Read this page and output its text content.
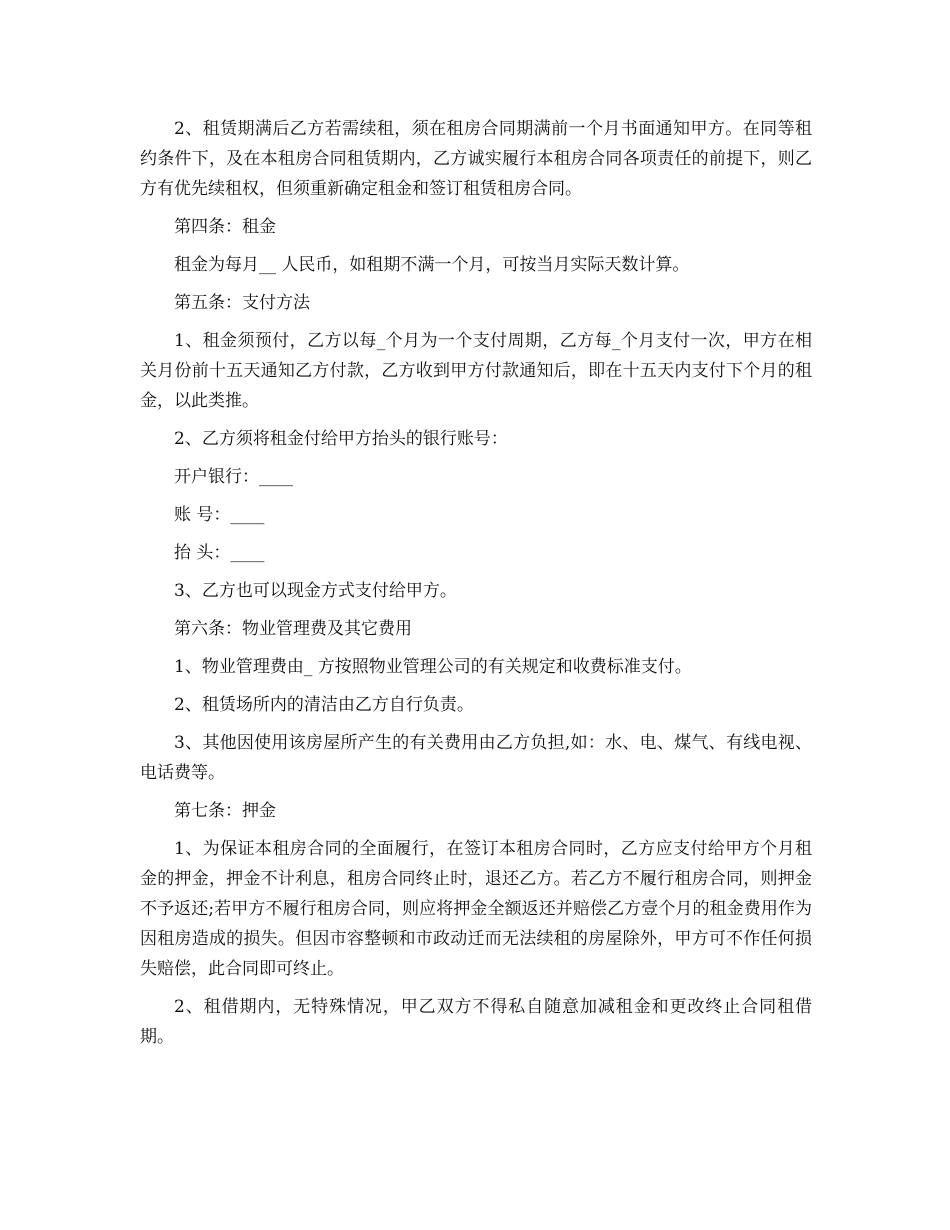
2、租赁期满后乙方若需续租，须在租房合同期满前一个月书面通知甲方。在同等租约条件下，及在本租房合同租赁期内，乙方诚实履行本租房合同各项责任的前提下，则乙方有优先续租权，但须重新确定租金和签订租赁租房合同。

第四条：租金

租金为每月__ 人民币，如租期不满一个月，可按当月实际天数计算。

第五条：支付方法

1、租金须预付，乙方以每_个月为一个支付周期，乙方每_个月支付一次，甲方在相关月份前十五天通知乙方付款，乙方收到甲方付款通知后，即在十五天内支付下个月的租金，以此类推。

2、乙方须将租金付给甲方抬头的银行账号：

开户银行：____

账 号：____

抬 头：____

3、乙方也可以现金方式支付给甲方。

第六条：物业管理费及其它费用

1、物业管理费由_ 方按照物业管理公司的有关规定和收费标准支付。

2、租赁场所内的清洁由乙方自行负责。

3、其他因使用该房屋所产生的有关费用由乙方负担,如：水、电、煤气、有线电视、电话费等。

第七条：押金

1、为保证本租房合同的全面履行，在签订本租房合同时，乙方应支付给甲方个月租金的押金，押金不计利息，租房合同终止时，退还乙方。若乙方不履行租房合同，则押金不予返还;若甲方不履行租房合同，则应将押金全额返还并赔偿乙方壹个月的租金费用作为因租房造成的损失。但因市容整顿和市政动迁而无法续租的房屋除外，甲方可不作任何损失赔偿，此合同即可终止。

2、租借期内，无特殊情况，甲乙双方不得私自随意加减租金和更改终止合同租借期。
